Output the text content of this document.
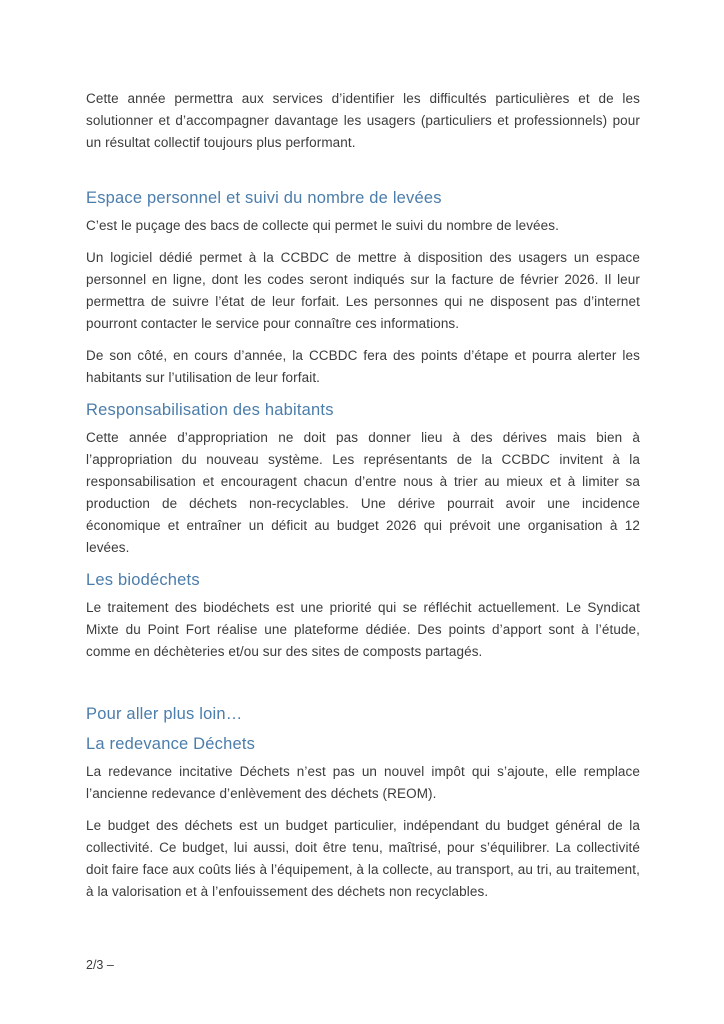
Cette année permettra aux services d’identifier les difficultés particulières et de les solutionner et d’accompagner davantage les usagers (particuliers et professionnels) pour un résultat collectif toujours plus performant.

Espace personnel et suivi du nombre de levées

C’est le puçage des bacs de collecte qui permet le suivi du nombre de levées.

Un logiciel dédié permet à la CCBDC de mettre à disposition des usagers un espace personnel en ligne, dont les codes seront indiqués sur la facture de février 2026. Il leur permettra de suivre l’état de leur forfait. Les personnes qui ne disposent pas d’internet pourront contacter le service pour connaître ces informations.

De son côté, en cours d’année, la CCBDC fera des points d’étape et pourra alerter les habitants sur l’utilisation de leur forfait.

Responsabilisation des habitants

Cette année d’appropriation ne doit pas donner lieu à des dérives mais bien à l’appropriation du nouveau système. Les représentants de la CCBDC invitent à la responsabilisation et encouragent chacun d’entre nous à trier au mieux et à limiter sa production de déchets non-recyclables. Une dérive pourrait avoir une incidence économique et entraîner un déficit au budget 2026 qui prévoit une organisation à 12 levées.

Les biodéchets

Le traitement des biodéchets est une priorité qui se réfléchit actuellement. Le Syndicat Mixte du Point Fort réalise une plateforme dédiée. Des points d’apport sont à l’étude, comme en déchèteries et/ou sur des sites de composts partagés.

Pour aller plus loin…
La redevance Déchets

La redevance incitative Déchets n’est pas un nouvel impôt qui s’ajoute, elle remplace l’ancienne redevance d’enlèvement des déchets (REOM).

Le budget des déchets est un budget particulier, indépendant du budget général de la collectivité. Ce budget, lui aussi, doit être tenu, maîtrisé, pour s’équilibrer. La collectivité doit faire face aux coûts liés à l’équipement, à la collecte, au transport, au tri, au traitement, à la valorisation et à l’enfouissement des déchets non recyclables.

2/3 –
